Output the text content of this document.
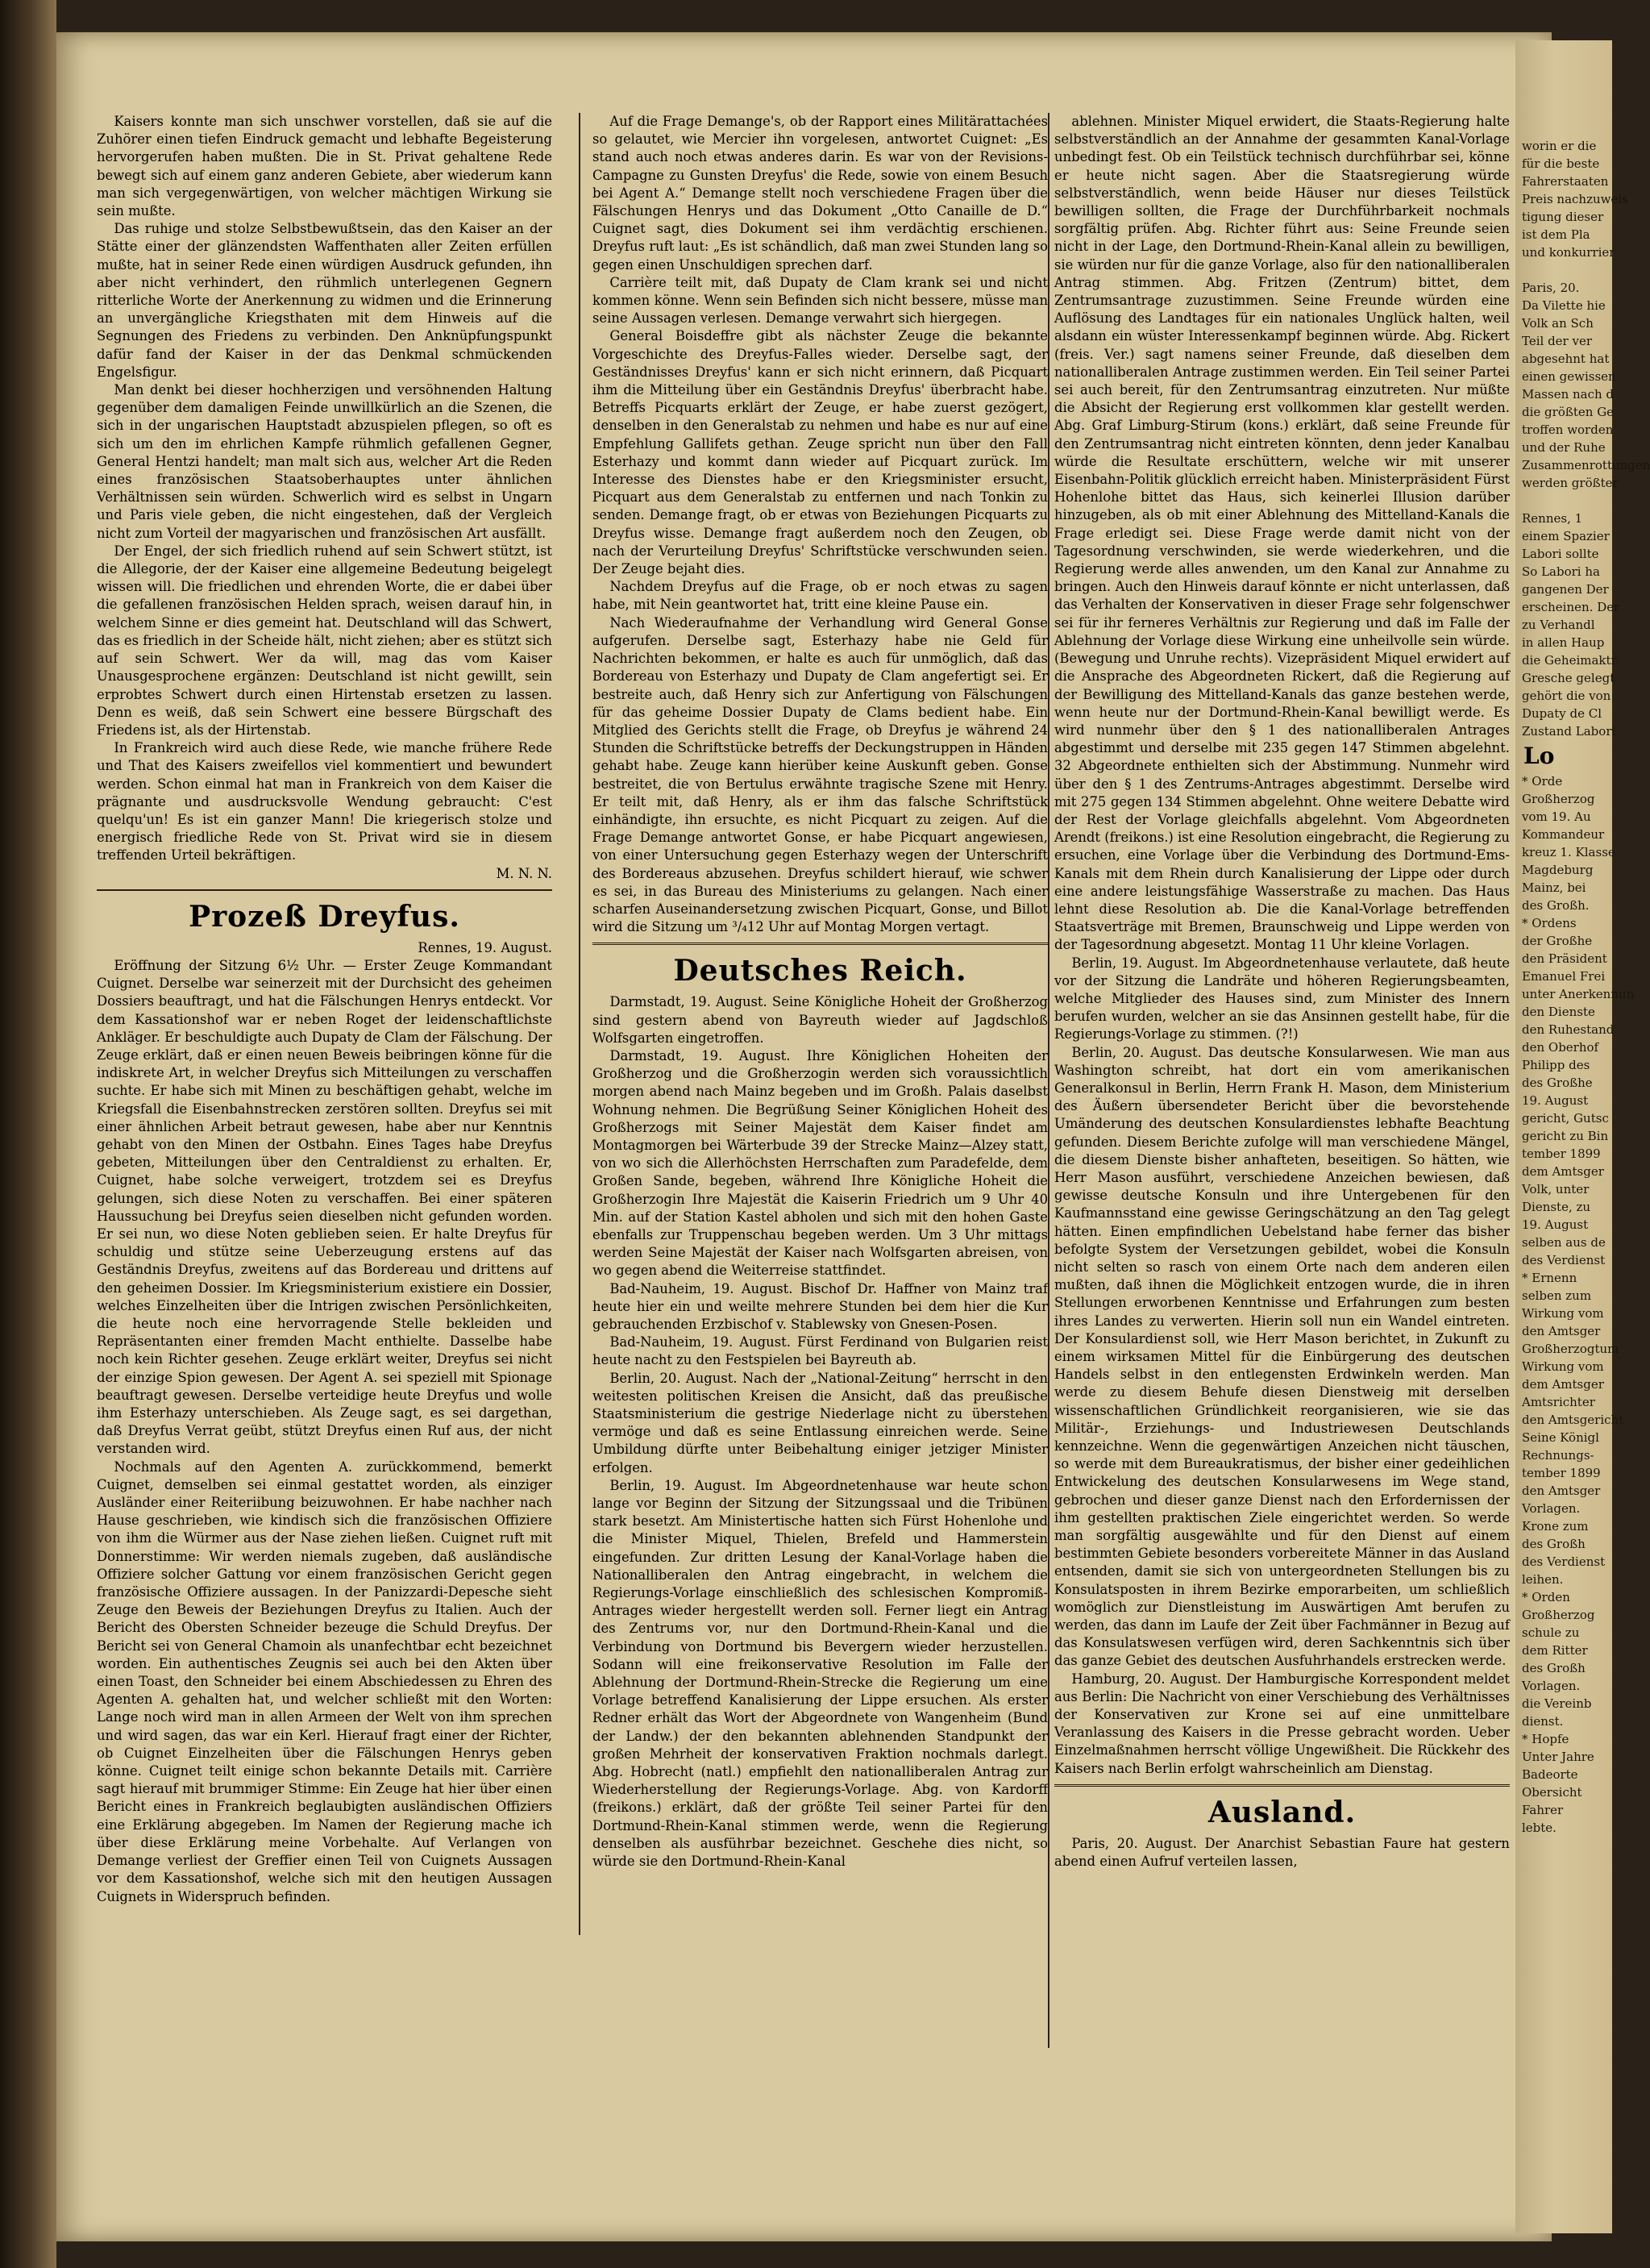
Kaisers konnte man sich unschwer vorstellen, daß sie auf die Zuhörer einen tiefen Eindruck gemacht und lebhafte Begeisterung hervorgerufen haben mußten. Die in St. Privat gehaltene Rede bewegt sich auf einem ganz anderen Gebiete, aber wiederum kann man sich vergegenwärtigen, von welcher mächtigen Wirkung sie sein mußte.

Das ruhige und stolze Selbstbewußtsein, das den Kaiser an der Stätte einer der glänzendsten Waffenthaten aller Zeiten erfüllen mußte, hat in seiner Rede einen würdigen Ausdruck gefunden, ihn aber nicht verhindert, den rühmlich unterlegenen Gegnern ritterliche Worte der Anerkennung zu widmen und die Erinnerung an unvergängliche Kriegsthaten mit dem Hinweis auf die Segnungen des Friedens zu verbinden. Den Anknüpfungspunkt dafür fand der Kaiser in der das Denkmal schmückenden Engelsfigur.

Man denkt bei dieser hochherzigen und versöhnenden Haltung gegenüber dem damaligen Feinde unwillkürlich an die Szenen, die sich in der ungarischen Hauptstadt abzuspielen pflegen, so oft es sich um den im ehrlichen Kampfe rühmlich gefallenen Gegner, General Hentzi handelt; man malt sich aus, welcher Art die Reden eines französischen Staatsoberhauptes unter ähnlichen Verhältnissen sein würden. Schwerlich wird es selbst in Ungarn und Paris viele geben, die nicht eingestehen, daß der Vergleich nicht zum Vorteil der magyarischen und französischen Art ausfällt.

Der Engel, der sich friedlich ruhend auf sein Schwert stützt, ist die Allegorie, der der Kaiser eine allgemeine Bedeutung beigelegt wissen will. Die friedlichen und ehrenden Worte, die er dabei über die gefallenen französischen Helden sprach, weisen darauf hin, in welchem Sinne er dies gemeint hat. Deutschland will das Schwert, das es friedlich in der Scheide hält, nicht ziehen; aber es stützt sich auf sein Schwert. Wer da will, mag das vom Kaiser Unausgesprochene ergänzen: Deutschland ist nicht gewillt, sein erprobtes Schwert durch einen Hirtenstab ersetzen zu lassen. Denn es weiß, daß sein Schwert eine bessere Bürgschaft des Friedens ist, als der Hirtenstab.

In Frankreich wird auch diese Rede, wie manche frühere Rede und That des Kaisers zweifellos viel kommentiert und bewundert werden. Schon einmal hat man in Frankreich von dem Kaiser die prägnante und ausdrucksvolle Wendung gebraucht: C'est quelqu'un! Es ist ein ganzer Mann! Die kriegerisch stolze und energisch friedliche Rede von St. Privat wird sie in diesem treffenden Urteil bekräftigen.

M. N. N.

Prozeß Dreyfus.

Rennes, 19. August.

Eröffnung der Sitzung 6½ Uhr. — Erster Zeuge Kommandant Cuignet. Derselbe war seinerzeit mit der Durchsicht des geheimen Dossiers beauftragt, und hat die Fälschungen Henrys entdeckt. Vor dem Kassationshof war er neben Roget der leidenschaftlichste Ankläger. Er beschuldigte auch Dupaty de Clam der Fälschung. Der Zeuge erklärt, daß er einen neuen Beweis beibringen könne für die indiskrete Art, in welcher Dreyfus sich Mitteilungen zu verschaffen suchte. Er habe sich mit Minen zu beschäftigen gehabt, welche im Kriegsfall die Eisenbahnstrecken zerstören sollten. Dreyfus sei mit einer ähnlichen Arbeit betraut gewesen, habe aber nur Kenntnis gehabt von den Minen der Ostbahn. Eines Tages habe Dreyfus gebeten, Mitteilungen über den Centraldienst zu erhalten. Er, Cuignet, habe solche verweigert, trotzdem sei es Dreyfus gelungen, sich diese Noten zu verschaffen. Bei einer späteren Haussuchung bei Dreyfus seien dieselben nicht gefunden worden. Er sei nun, wo diese Noten geblieben seien. Er halte Dreyfus für schuldig und stütze seine Ueberzeugung erstens auf das Geständnis Dreyfus, zweitens auf das Bordereau und drittens auf den geheimen Dossier. Im Kriegsministerium existiere ein Dossier, welches Einzelheiten über die Intrigen zwischen Persönlichkeiten, die heute noch eine hervorragende Stelle bekleiden und Repräsentanten einer fremden Macht enthielte. Dasselbe habe noch kein Richter gesehen. Zeuge erklärt weiter, Dreyfus sei nicht der einzige Spion gewesen. Der Agent A. sei speziell mit Spionage beauftragt gewesen. Derselbe verteidige heute Dreyfus und wolle ihm Esterhazy unterschieben. Als Zeuge sagt, es sei dargethan, daß Dreyfus Verrat geübt, stützt Dreyfus einen Ruf aus, der nicht verstanden wird.

Nochmals auf den Agenten A. zurückkommend, bemerkt Cuignet, demselben sei einmal gestattet worden, als einziger Ausländer einer Reiteriibung beizuwohnen. Er habe nachher nach Hause geschrieben, wie kindisch sich die französischen Offiziere von ihm die Würmer aus der Nase ziehen ließen. Cuignet ruft mit Donnerstimme: Wir werden niemals zugeben, daß ausländische Offiziere solcher Gattung vor einem französischen Gericht gegen französische Offiziere aussagen. In der Panizzardi-Depesche sieht Zeuge den Beweis der Beziehungen Dreyfus zu Italien. Auch der Bericht des Obersten Schneider bezeuge die Schuld Dreyfus. Der Bericht sei von General Chamoin als unanfechtbar echt bezeichnet worden. Ein authentisches Zeugnis sei auch bei den Akten über einen Toast, den Schneider bei einem Abschiedessen zu Ehren des Agenten A. gehalten hat, und welcher schließt mit den Worten: Lange noch wird man in allen Armeen der Welt von ihm sprechen und wird sagen, das war ein Kerl. Hierauf fragt einer der Richter, ob Cuignet Einzelheiten über die Fälschungen Henrys geben könne. Cuignet teilt einige schon bekannte Details mit. Carrière sagt hierauf mit brummiger Stimme: Ein Zeuge hat hier über einen Bericht eines in Frankreich beglaubigten ausländischen Offiziers eine Erklärung abgegeben. Im Namen der Regierung mache ich über diese Erklärung meine Vorbehalte. Auf Verlangen von Demange verliest der Greffier einen Teil von Cuignets Aussagen vor dem Kassationshof, welche sich mit den heutigen Aussagen Cuignets in Widerspruch befinden.

Auf die Frage Demange's, ob der Rapport eines Militärattachées so gelautet, wie Mercier ihn vorgelesen, antwortet Cuignet: „Es stand auch noch etwas anderes darin. Es war von der Revisions-Campagne zu Gunsten Dreyfus' die Rede, sowie von einem Besuch bei Agent A.“ Demange stellt noch verschiedene Fragen über die Fälschungen Henrys und das Dokument „Otto Canaille de D.“ Cuignet sagt, dies Dokument sei ihm verdächtig erschienen. Dreyfus ruft laut: „Es ist schändlich, daß man zwei Stunden lang so gegen einen Unschuldigen sprechen darf.

Carrière teilt mit, daß Dupaty de Clam krank sei und nicht kommen könne. Wenn sein Befinden sich nicht bessere, müsse man seine Aussagen verlesen. Demange verwahrt sich hiergegen.

General Boisdeffre gibt als nächster Zeuge die bekannte Vorgeschichte des Dreyfus-Falles wieder. Derselbe sagt, der Geständnisses Dreyfus' kann er sich nicht erinnern, daß Picquart ihm die Mitteilung über ein Geständnis Dreyfus' überbracht habe. Betreffs Picquarts erklärt der Zeuge, er habe zuerst gezögert, denselben in den Generalstab zu nehmen und habe es nur auf eine Empfehlung Gallifets gethan. Zeuge spricht nun über den Fall Esterhazy und kommt dann wieder auf Picquart zurück. Im Interesse des Dienstes habe er den Kriegsminister ersucht, Picquart aus dem Generalstab zu entfernen und nach Tonkin zu senden. Demange fragt, ob er etwas von Beziehungen Picquarts zu Dreyfus wisse. Demange fragt außerdem noch den Zeugen, ob nach der Verurteilung Dreyfus' Schriftstücke verschwunden seien. Der Zeuge bejaht dies.

Nachdem Dreyfus auf die Frage, ob er noch etwas zu sagen habe, mit Nein geantwortet hat, tritt eine kleine Pause ein.

Nach Wiederaufnahme der Verhandlung wird General Gonse aufgerufen. Derselbe sagt, Esterhazy habe nie Geld für Nachrichten bekommen, er halte es auch für unmöglich, daß das Bordereau von Esterhazy und Dupaty de Clam angefertigt sei. Er bestreite auch, daß Henry sich zur Anfertigung von Fälschungen für das geheime Dossier Dupaty de Clams bedient habe. Ein Mitglied des Gerichts stellt die Frage, ob Dreyfus je während 24 Stunden die Schriftstücke betreffs der Deckungstruppen in Händen gehabt habe. Zeuge kann hierüber keine Auskunft geben. Gonse bestreitet, die von Bertulus erwähnte tragische Szene mit Henry. Er teilt mit, daß Henry, als er ihm das falsche Schriftstück einhändigte, ihn ersuchte, es nicht Picquart zu zeigen. Auf die Frage Demange antwortet Gonse, er habe Picquart angewiesen, von einer Untersuchung gegen Esterhazy wegen der Unterschrift des Bordereaus abzusehen. Dreyfus schildert hierauf, wie schwer es sei, in das Bureau des Ministeriums zu gelangen. Nach einer scharfen Auseinandersetzung zwischen Picquart, Gonse, und Billot wird die Sitzung um ³/₄12 Uhr auf Montag Morgen vertagt.

Deutsches Reich.

Darmstadt, 19. August. Seine Königliche Hoheit der Großherzog sind gestern abend von Bayreuth wieder auf Jagdschloß Wolfsgarten eingetroffen.

Darmstadt, 19. August. Ihre Königlichen Hoheiten der Großherzog und die Großherzogin werden sich voraussichtlich morgen abend nach Mainz begeben und im Großh. Palais daselbst Wohnung nehmen. Die Begrüßung Seiner Königlichen Hoheit des Großherzogs mit Seiner Majestät dem Kaiser findet am Montagmorgen bei Wärterbude 39 der Strecke Mainz—Alzey statt, von wo sich die Allerhöchsten Herrschaften zum Paradefelde, dem Großen Sande, begeben, während Ihre Königliche Hoheit die Großherzogin Ihre Majestät die Kaiserin Friedrich um 9 Uhr 40 Min. auf der Station Kastel abholen und sich mit den hohen Gaste ebenfalls zur Truppenschau begeben werden. Um 3 Uhr mittags werden Seine Majestät der Kaiser nach Wolfsgarten abreisen, von wo gegen abend die Weiterreise stattfindet.

Bad-Nauheim, 19. August. Bischof Dr. Haffner von Mainz traf heute hier ein und weilte mehrere Stunden bei dem hier die Kur gebrauchenden Erzbischof v. Stablewsky von Gnesen-Posen.

Bad-Nauheim, 19. August. Fürst Ferdinand von Bulgarien reist heute nacht zu den Festspielen bei Bayreuth ab.

Berlin, 20. August. Nach der „National-Zeitung“ herrscht in den weitesten politischen Kreisen die Ansicht, daß das preußische Staatsministerium die gestrige Niederlage nicht zu überstehen vermöge und daß es seine Entlassung einreichen werde. Seine Umbildung dürfte unter Beibehaltung einiger jetziger Minister erfolgen.

Berlin, 19. August. Im Abgeordnetenhause war heute schon lange vor Beginn der Sitzung der Sitzungssaal und die Tribünen stark besetzt. Am Ministertische hatten sich Fürst Hohenlohe und die Minister Miquel, Thielen, Brefeld und Hammerstein eingefunden. Zur dritten Lesung der Kanal-Vorlage haben die Nationalliberalen den Antrag eingebracht, in welchem die Regierungs-Vorlage einschließlich des schlesischen Kompromiß-Antrages wieder hergestellt werden soll. Ferner liegt ein Antrag des Zentrums vor, nur den Dortmund-Rhein-Kanal und die Verbindung von Dortmund bis Bevergern wieder herzustellen. Sodann will eine freikonservative Resolution im Falle der Ablehnung der Dortmund-Rhein-Strecke die Regierung um eine Vorlage betreffend Kanalisierung der Lippe ersuchen. Als erster Redner erhält das Wort der Abgeordnete von Wangenheim (Bund der Landw.) der den bekannten ablehnenden Standpunkt der großen Mehrheit der konservativen Fraktion nochmals darlegt. Abg. Hobrecht (natl.) empfiehlt den nationalliberalen Antrag zur Wiederherstellung der Regierungs-Vorlage. Abg. von Kardorff (freikons.) erklärt, daß der größte Teil seiner Partei für den Dortmund-Rhein-Kanal stimmen werde, wenn die Regierung denselben als ausführbar bezeichnet. Geschehe dies nicht, so würde sie den Dortmund-Rhein-Kanal

ablehnen. Minister Miquel erwidert, die Staats-Regierung halte selbstverständlich an der Annahme der gesammten Kanal-Vorlage unbedingt fest. Ob ein Teilstück technisch durchführbar sei, könne er heute nicht sagen. Aber die Staatsregierung würde selbstverständlich, wenn beide Häuser nur dieses Teilstück bewilligen sollten, die Frage der Durchführbarkeit nochmals sorgfältig prüfen. Abg. Richter führt aus: Seine Freunde seien nicht in der Lage, den Dortmund-Rhein-Kanal allein zu bewilligen, sie würden nur für die ganze Vorlage, also für den nationalliberalen Antrag stimmen. Abg. Fritzen (Zentrum) bittet, dem Zentrumsantrage zuzustimmen. Seine Freunde würden eine Auflösung des Landtages für ein nationales Unglück halten, weil alsdann ein wüster Interessenkampf beginnen würde. Abg. Rickert (freis. Ver.) sagt namens seiner Freunde, daß dieselben dem nationalliberalen Antrage zustimmen werden. Ein Teil seiner Partei sei auch bereit, für den Zentrumsantrag einzutreten. Nur müßte die Absicht der Regierung erst vollkommen klar gestellt werden. Abg. Graf Limburg-Stirum (kons.) erklärt, daß seine Freunde für den Zentrumsantrag nicht eintreten könnten, denn jeder Kanalbau würde die Resultate erschüttern, welche wir mit unserer Eisenbahn-Politik glücklich erreicht haben. Ministerpräsident Fürst Hohenlohe bittet das Haus, sich keinerlei Illusion darüber hinzugeben, als ob mit einer Ablehnung des Mittelland-Kanals die Frage erledigt sei. Diese Frage werde damit nicht von der Tagesordnung verschwinden, sie werde wiederkehren, und die Regierung werde alles anwenden, um den Kanal zur Annahme zu bringen. Auch den Hinweis darauf könnte er nicht unterlassen, daß das Verhalten der Konservativen in dieser Frage sehr folgenschwer sei für ihr ferneres Verhältnis zur Regierung und daß im Falle der Ablehnung der Vorlage diese Wirkung eine unheilvolle sein würde. (Bewegung und Unruhe rechts). Vizepräsident Miquel erwidert auf die Ansprache des Abgeordneten Rickert, daß die Regierung auf der Bewilligung des Mittelland-Kanals das ganze bestehen werde, wenn heute nur der Dortmund-Rhein-Kanal bewilligt werde. Es wird nunmehr über den § 1 des nationalliberalen Antrages abgestimmt und derselbe mit 235 gegen 147 Stimmen abgelehnt. 32 Abgeordnete enthielten sich der Abstimmung. Nunmehr wird über den § 1 des Zentrums-Antrages abgestimmt. Derselbe wird mit 275 gegen 134 Stimmen abgelehnt. Ohne weitere Debatte wird der Rest der Vorlage gleichfalls abgelehnt. Vom Abgeordneten Arendt (freikons.) ist eine Resolution eingebracht, die Regierung zu ersuchen, eine Vorlage über die Verbindung des Dortmund-Ems-Kanals mit dem Rhein durch Kanalisierung der Lippe oder durch eine andere leistungsfähige Wasserstraße zu machen. Das Haus lehnt diese Resolution ab. Die die Kanal-Vorlage betreffenden Staatsverträge mit Bremen, Braunschweig und Lippe werden von der Tagesordnung abgesetzt. Montag 11 Uhr kleine Vorlagen.

Berlin, 19. August. Im Abgeordnetenhause verlautete, daß heute vor der Sitzung die Landräte und höheren Regierungsbeamten, welche Mitglieder des Hauses sind, zum Minister des Innern berufen wurden, welcher an sie das Ansinnen gestellt habe, für die Regierungs-Vorlage zu stimmen. (?!)

Berlin, 20. August. Das deutsche Konsularwesen. Wie man aus Washington schreibt, hat dort ein vom amerikanischen Generalkonsul in Berlin, Herrn Frank H. Mason, dem Ministerium des Äußern übersendeter Bericht über die bevorstehende Umänderung des deutschen Konsulardienstes lebhafte Beachtung gefunden. Diesem Berichte zufolge will man verschiedene Mängel, die diesem Dienste bisher anhafteten, beseitigen. So hätten, wie Herr Mason ausführt, verschiedene Anzeichen bewiesen, daß gewisse deutsche Konsuln und ihre Untergebenen für den Kaufmannsstand eine gewisse Geringschätzung an den Tag gelegt hätten. Einen empfindlichen Uebelstand habe ferner das bisher befolgte System der Versetzungen gebildet, wobei die Konsuln nicht selten so rasch von einem Orte nach dem anderen eilen mußten, daß ihnen die Möglichkeit entzogen wurde, die in ihren Stellungen erworbenen Kenntnisse und Erfahrungen zum besten ihres Landes zu verwerten. Hierin soll nun ein Wandel eintreten. Der Konsulardienst soll, wie Herr Mason berichtet, in Zukunft zu einem wirksamen Mittel für die Einbürgerung des deutschen Handels selbst in den entlegensten Erdwinkeln werden. Man werde zu diesem Behufe diesen Dienstweig mit derselben wissenschaftlichen Gründlichkeit reorganisieren, wie sie das Militär-, Erziehungs- und Industriewesen Deutschlands kennzeichne. Wenn die gegenwärtigen Anzeichen nicht täuschen, so werde mit dem Bureaukratismus, der bisher einer gedeihlichen Entwickelung des deutschen Konsularwesens im Wege stand, gebrochen und dieser ganze Dienst nach den Erfordernissen der ihm gestellten praktischen Ziele eingerichtet werden. So werde man sorgfältig ausgewählte und für den Dienst auf einem bestimmten Gebiete besonders vorbereitete Männer in das Ausland entsenden, damit sie sich von untergeordneten Stellungen bis zu Konsulatsposten in ihrem Bezirke emporarbeiten, um schließlich womöglich zur Dienstleistung im Auswärtigen Amt berufen zu werden, das dann im Laufe der Zeit über Fachmänner in Bezug auf das Konsulatswesen verfügen wird, deren Sachkenntnis sich über das ganze Gebiet des deutschen Ausfuhrhandels erstrecken werde.

Hamburg, 20. August. Der Hamburgische Korrespondent meldet aus Berlin: Die Nachricht von einer Verschiebung des Verhältnisses der Konservativen zur Krone sei auf eine unmittelbare Veranlassung des Kaisers in die Presse gebracht worden. Ueber Einzelmaßnahmen herrscht völlige Ungewißheit. Die Rückkehr des Kaisers nach Berlin erfolgt wahrscheinlich am Dienstag.

Ausland.

Paris, 20. August. Der Anarchist Sebastian Faure hat gestern abend einen Aufruf verteilen lassen,

worin er die
für die beste
Fahrerstaaten
Preis nachzuweis
tigung dieser
ist dem Pla
und konkurrier

Paris, 20.
Da Vilette hie
Volk an Sch
Teil der ver
abgesehnt hat
einen gewissen
Massen nach d
die größten Ge
troffen worden
und der Ruhe
Zusammenrottungen
werden größter

Rennes, 1
einem Spazier
Labori sollte
So Labori ha
gangenen Der
erscheinen. Der
zu Verhandl
in allen Haup
die Geheimaktr
Gresche gelegt
gehört die von
Dupaty de Cl
Zustand Labori
Lo
* Orde
Großherzog
vom 19. Au
Kommandeur
kreuz 1. Klasse
Magdeburg
Mainz, bei
des Großh.
* Ordens
der Großhe
den Präsident
Emanuel Frei
unter Anerkennun
den Dienste
den Ruhestand
den Oberhof
Philipp des
des Großhe
19. August
gericht, Gutsc
gericht zu Bin
tember 1899
dem Amtsger
Volk, unter
Dienste, zu
19. August
selben aus de
des Verdienst
* Ernenn
selben zum
Wirkung vom
den Amtsger
Großherzogtum
Wirkung vom
dem Amtsger
Amtsrichter
den Amtsgericht
Seine Königl
Rechnungs-
tember 1899
den Amtsger
Vorlagen.
Krone zum
des Großh
des Verdienst
leihen.
* Orden
Großherzog
schule zu
dem Ritter
des Großh
Vorlagen.
die Vereinb
dienst.
* Hopfe
Unter Jahre
Badeorte
Obersicht
Fahrer
lebte.
